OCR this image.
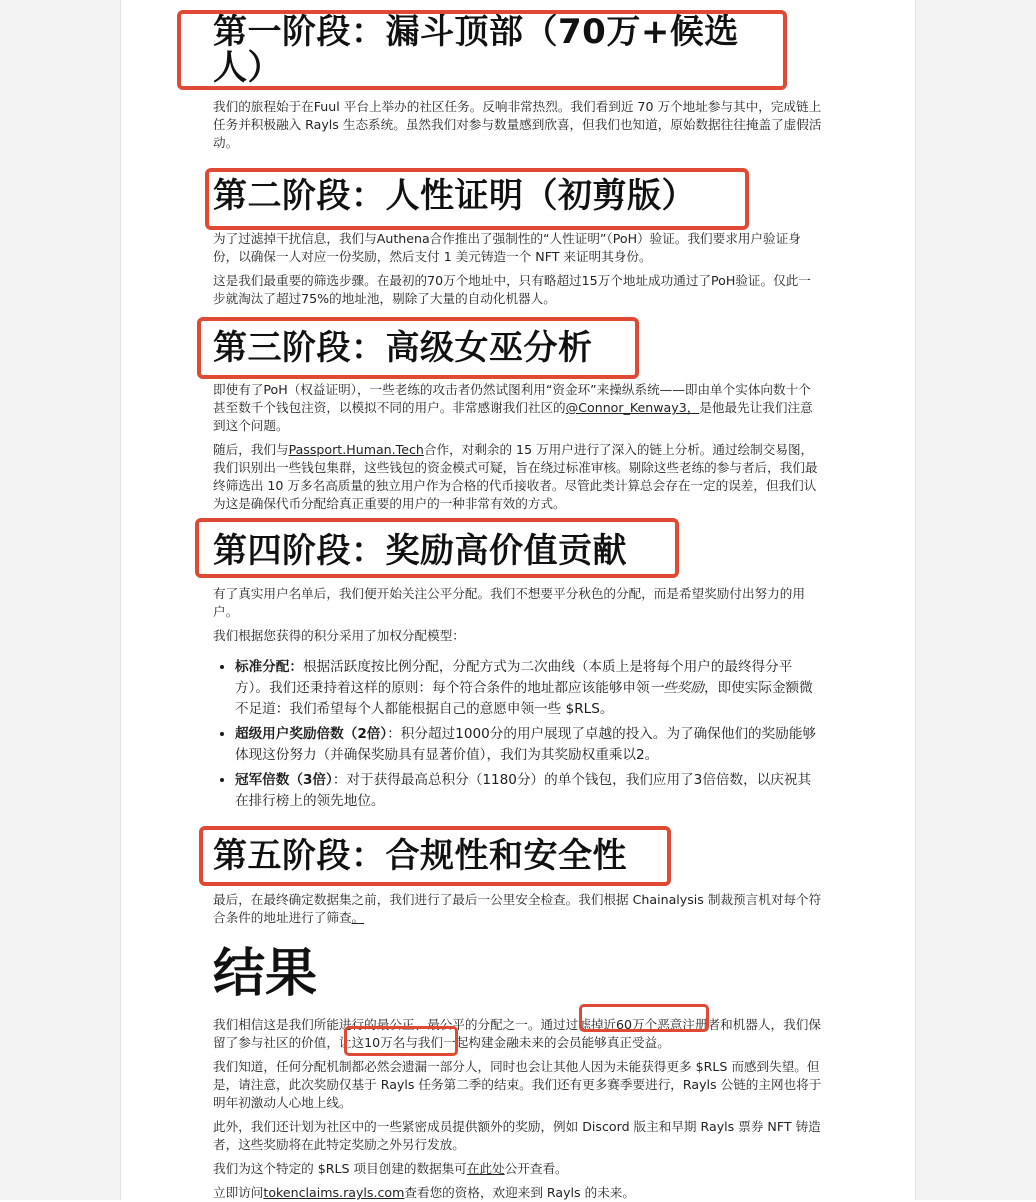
第一阶段：漏斗顶部（70万+候选人）

我们的旅程始于在Fuul 平台上举办的社区任务。反响非常热烈。我们看到近 70 万个地址参与其中，完成链上任务并积极融入 Rayls 生态系统。虽然我们对参与数量感到欣喜，但我们也知道，原始数据往往掩盖了虚假活动。

第二阶段：人性证明（初剪版）

为了过滤掉干扰信息，我们与Authena合作推出了强制性的“人性证明”（PoH）验证。我们要求用户验证身份，以确保一人对应一份奖励，然后支付 1 美元铸造一个 NFT 来证明其身份。

这是我们最重要的筛选步骤。在最初的70万个地址中，只有略超过15万个地址成功通过了PoH验证。仅此一步就淘汰了超过75%的地址池，剔除了大量的自动化机器人。

第三阶段：高级女巫分析

即使有了PoH（权益证明），一些老练的攻击者仍然试图利用“资金环”来操纵系统——即由单个实体向数十个甚至数千个钱包注资，以模拟不同的用户。非常感谢我们社区的@Connor_Kenway3，是他最先让我们注意到这个问题。

随后，我们与Passport.Human.Tech合作，对剩余的 15 万用户进行了深入的链上分析。通过绘制交易图，我们识别出一些钱包集群，这些钱包的资金模式可疑，旨在绕过标准审核。剔除这些老练的参与者后，我们最终筛选出 10 万多名高质量的独立用户作为合格的代币接收者。尽管此类计算总会存在一定的误差，但我们认为这是确保代币分配给真正重要的用户的一种非常有效的方式。

第四阶段：奖励高价值贡献

有了真实用户名单后，我们便开始关注公平分配。我们不想要平分秋色的分配，而是希望奖励付出努力的用户。

我们根据您获得的积分采用了加权分配模型：

• 标准分配：根据活跃度按比例分配，分配方式为二次曲线（本质上是将每个用户的最终得分平方）。我们还秉持着这样的原则：每个符合条件的地址都应该能够申领一些奖励，即使实际金额微不足道：我们希望每个人都能根据自己的意愿申领一些 $RLS。
• 超级用户奖励倍数（2倍）：积分超过1000分的用户展现了卓越的投入。为了确保他们的奖励能够体现这份努力（并确保奖励具有显著价值），我们为其奖励权重乘以2。
• 冠军倍数（3倍）：对于获得最高总积分（1180分）的单个钱包，我们应用了3倍倍数，以庆祝其在排行榜上的领先地位。
第五阶段：合规性和安全性

最后，在最终确定数据集之前，我们进行了最后一公里安全检查。我们根据 Chainalysis 制裁预言机对每个符合条件的地址进行了筛查。

结果

我们相信这是我们所能进行的最公正、最公平的分配之一。通过过滤掉近60万个恶意注册者和机器人，我们保留了参与社区的价值，让这10万名与我们一起构建金融未来的会员能够真正受益。

我们知道，任何分配机制都必然会遗漏一部分人，同时也会让其他人因为未能获得更多 $RLS 而感到失望。但是，请注意，此次奖励仅基于 Rayls 任务第二季的结束。我们还有更多赛季要进行，Rayls 公链的主网也将于明年初激动人心地上线。

此外，我们还计划为社区中的一些紧密成员提供额外的奖励，例如 Discord 版主和早期 Rayls 票券 NFT 铸造者，这些奖励将在此特定奖励之外另行发放。

我们为这个特定的 $RLS 项目创建的数据集可在此处公开查看。

立即访问tokenclaims.rayls.com查看您的资格，欢迎来到 Rayls 的未来。
